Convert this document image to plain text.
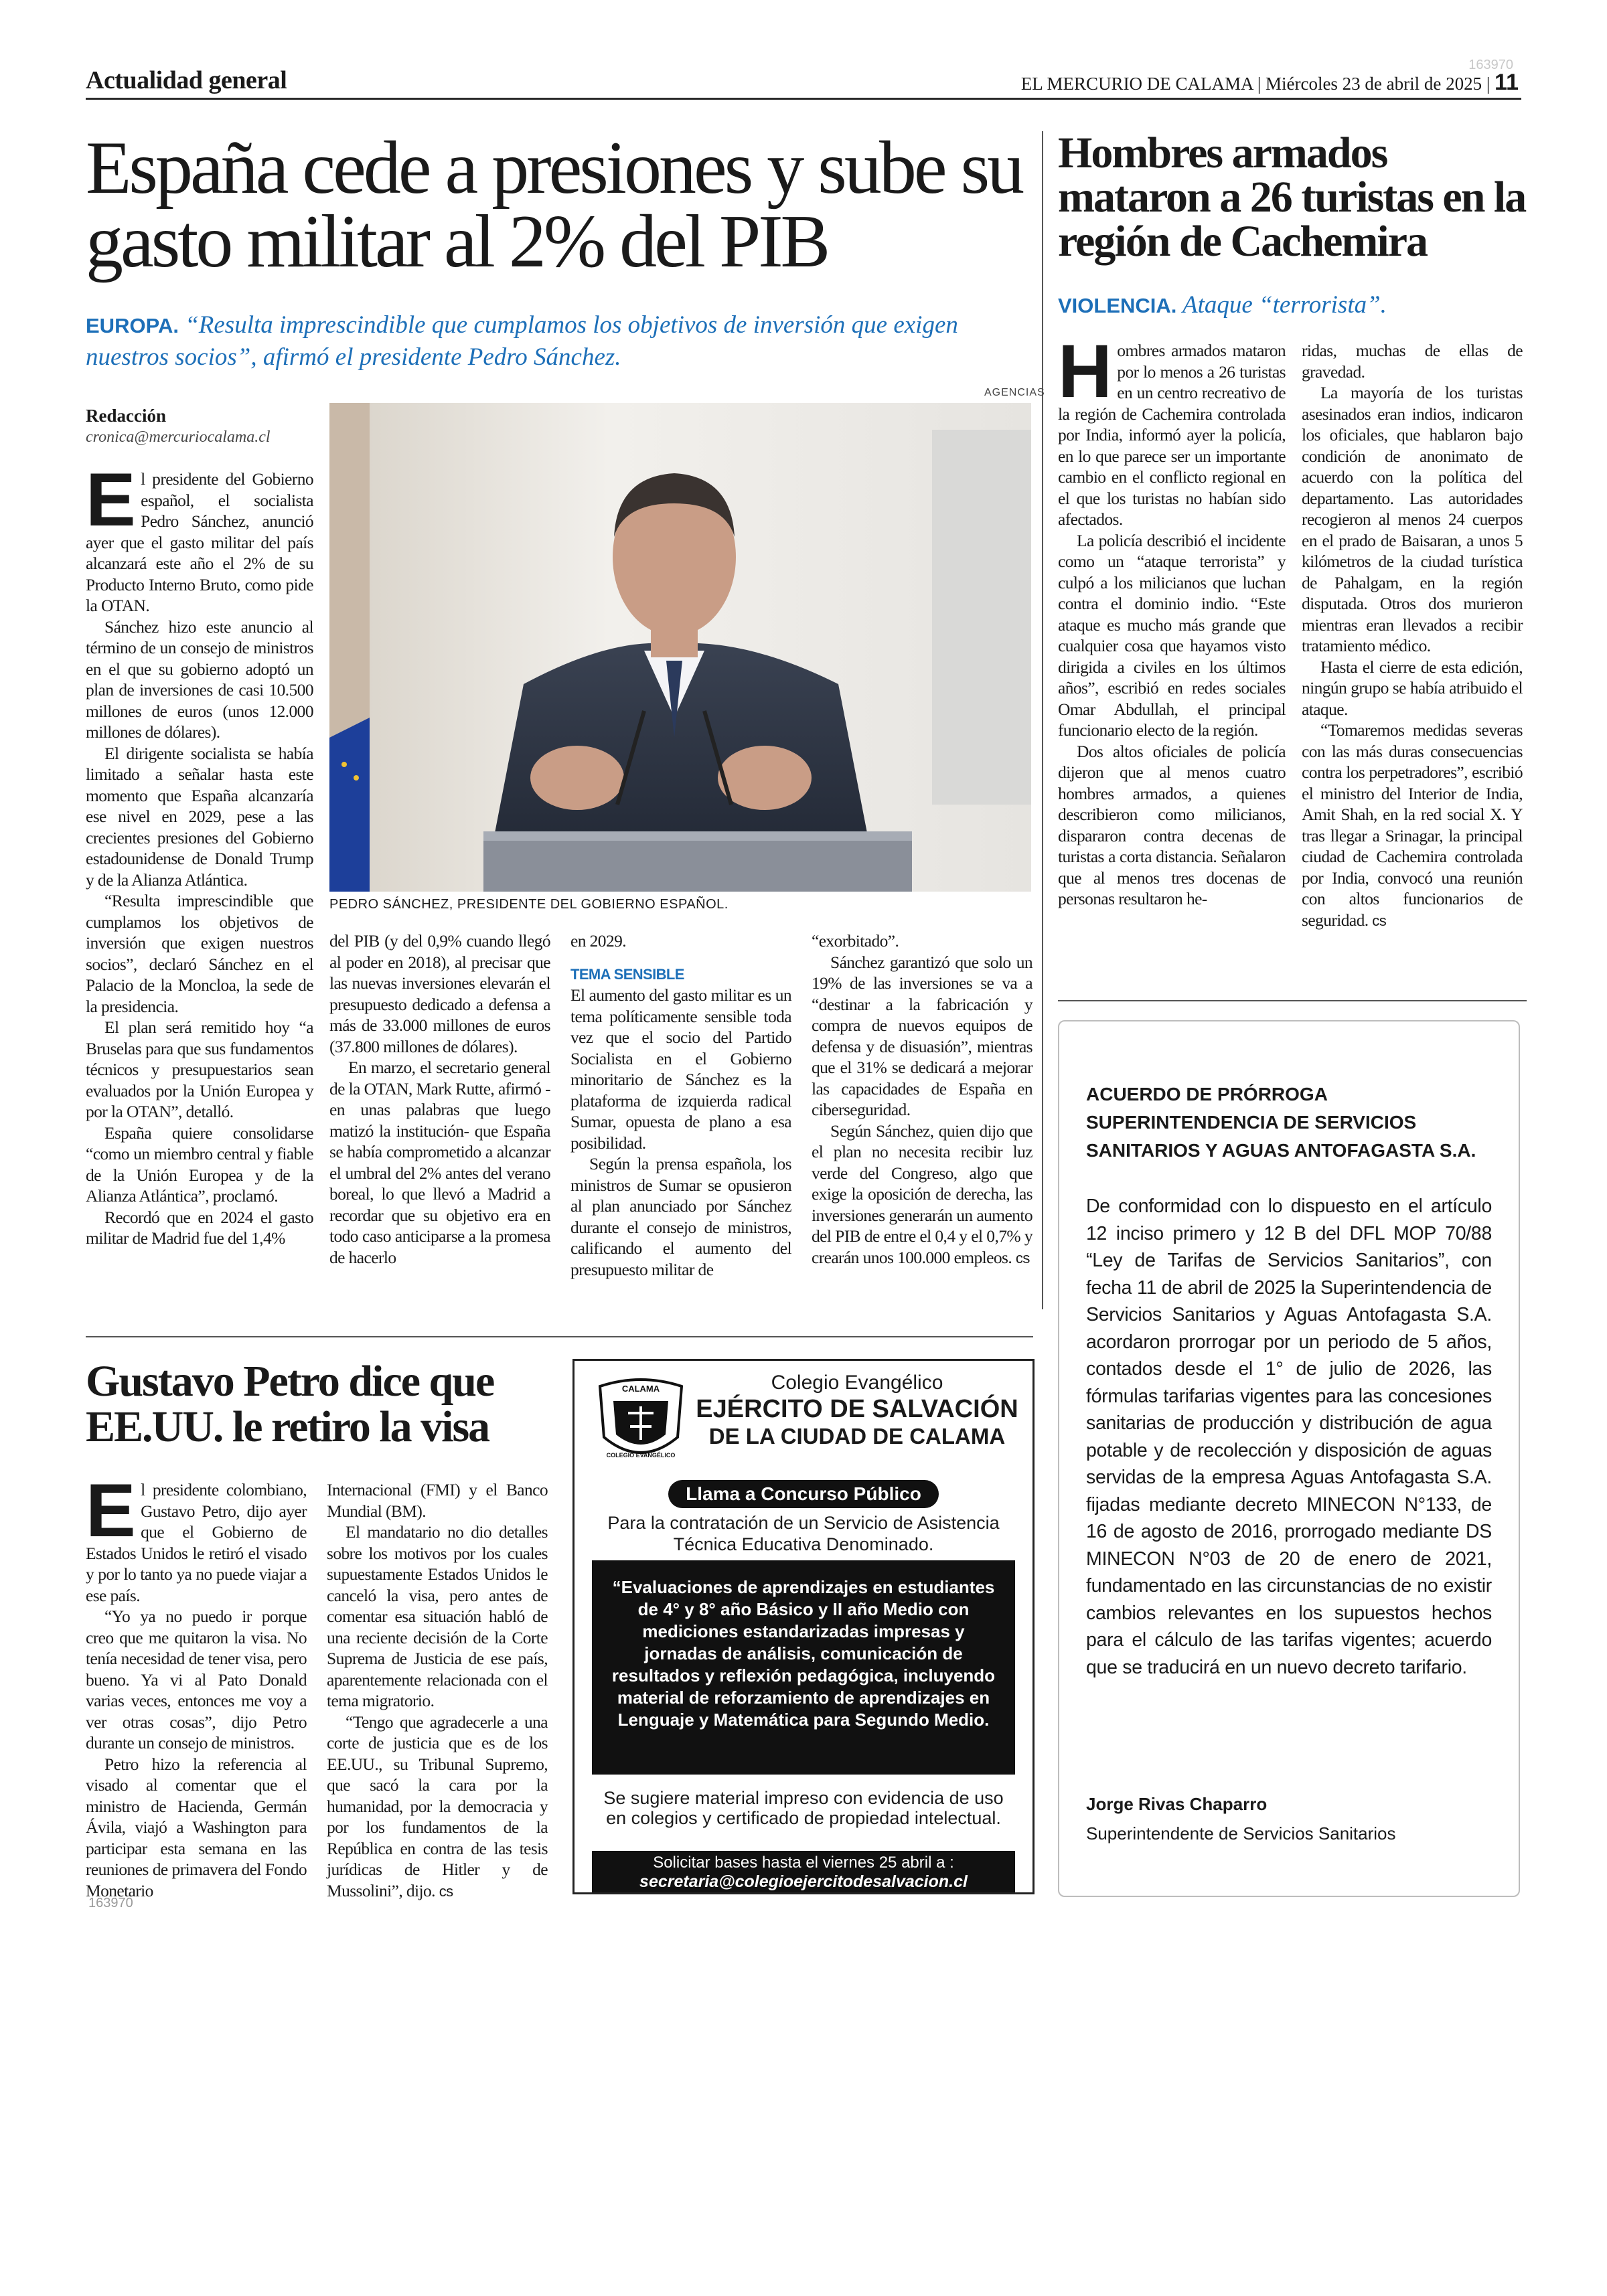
Actualidad general
163970
EL MERCURIO DE CALAMA | Miércoles 23 de abril de 2025 | 11
España cede a presiones y sube su gasto militar al 2% del PIB
EUROPA. “Resulta imprescindible que cumplamos los objetivos de inversión que exigen nuestros socios”, afirmó el presidente Pedro Sánchez.
Hombres armados mataron a 26 turistas en la región de Cachemira
VIOLENCIA. Ataque “terrorista”.
Redacción
cronica@mercuriocalama.cl
AGENCIAS
PEDRO SÁNCHEZ, PRESIDENTE DEL GOBIERNO ESPAÑOL.

El presidente del Gobierno español, el socialista Pedro Sánchez, anunció ayer que el gasto militar del país alcanzará este año el 2% de su Producto Interno Bruto, como pide la OTAN.

Sánchez hizo este anuncio al término de un consejo de ministros en el que su gobierno adoptó un plan de inversiones de casi 10.500 millones de euros (unos 12.000 millones de dólares).

El dirigente socialista se había limitado a señalar hasta este momento que España alcanzaría ese nivel en 2029, pese a las crecientes presiones del Gobierno estadounidense de Donald Trump y de la Alianza Atlántica.

“Resulta imprescindible que cumplamos los objetivos de inversión que exigen nuestros socios”, declaró Sánchez en el Palacio de la Moncloa, la sede de la presidencia.

El plan será remitido hoy “a Bruselas para que sus fundamentos técnicos y presupuestarios sean evaluados por la Unión Europea y por la OTAN”, detalló.

España quiere consolidarse “como un miembro central y fiable de la Unión Europea y de la Alianza Atlántica”, proclamó.

Recordó que en 2024 el gasto militar de Madrid fue del 1,4%

del PIB (y del 0,9% cuando llegó al poder en 2018), al precisar que las nuevas inversiones elevarán el presupuesto dedicado a defensa a más de 33.000 millones de euros (37.800 millones de dólares).

En marzo, el secretario general de la OTAN, Mark Rutte, afirmó -en unas palabras que luego matizó la institución- que España se había comprometido a alcanzar el umbral del 2% antes del verano boreal, lo que llevó a Madrid a recordar que su objetivo era en todo caso anticiparse a la promesa de hacerlo

en 2029.

TEMA SENSIBLE

El aumento del gasto militar es un tema políticamente sensible toda vez que el socio del Partido Socialista en el Gobierno minoritario de Sánchez es la plataforma de izquierda radical Sumar, opuesta de plano a esa posibilidad.

Según la prensa española, los ministros de Sumar se opusieron al plan anunciado por Sánchez durante el consejo de ministros, calificando el aumento del presupuesto militar de

“exorbitado”.

Sánchez garantizó que solo un 19% de las inversiones se va a “destinar a la fabricación y compra de nuevos equipos de defensa y de disuasión”, mientras que el 31% se dedicará a mejorar las capacidades de España en ciberseguridad.

Según Sánchez, quien dijo que el plan no necesita recibir luz verde del Congreso, algo que exige la oposición de derecha, las inversiones generarán un aumento del PIB de entre el 0,4 y el 0,7% y crearán unos 100.000 empleos. cs

Hombres armados mataron por lo menos a 26 turistas en un centro recreativo de la región de Cachemira controlada por India, informó ayer la policía, en lo que parece ser un importante cambio en el conflicto regional en el que los turistas no habían sido afectados.

La policía describió el incidente como un “ataque terrorista” y culpó a los milicianos que luchan contra el dominio indio. “Este ataque es mucho más grande que cualquier cosa que hayamos visto dirigida a civiles en los últimos años”, escribió en redes sociales Omar Abdullah, el principal funcionario electo de la región.

Dos altos oficiales de policía dijeron que al menos cuatro hombres armados, a quienes describieron como milicianos, dispararon contra decenas de turistas a corta distancia. Señalaron que al menos tres docenas de personas resultaron he-

ridas, muchas de ellas de gravedad.

La mayoría de los turistas asesinados eran indios, indicaron los oficiales, que hablaron bajo condición de anonimato de acuerdo con la política del departamento. Las autoridades recogieron al menos 24 cuerpos en el prado de Baisaran, a unos 5 kilómetros de la ciudad turística de Pahalgam, en la región disputada. Otros dos murieron mientras eran llevados a recibir tratamiento médico.

Hasta el cierre de esta edición, ningún grupo se había atribuido el ataque.

“Tomaremos medidas severas con las más duras consecuencias contra los perpetradores”, escribió el ministro del Interior de India, Amit Shah, en la red social X. Y tras llegar a Srinagar, la principal ciudad de Cachemira controlada por India, convocó una reunión con altos funcionarios de seguridad. cs

Gustavo Petro dice que EE.UU. le retiro la visa

El presidente colombiano, Gustavo Petro, dijo ayer que el Gobierno de Estados Unidos le retiró el visado y por lo tanto ya no puede viajar a ese país.

“Yo ya no puedo ir porque creo que me quitaron la visa. No tenía necesidad de tener visa, pero bueno. Ya vi al Pato Donald varias veces, entonces me voy a ver otras cosas”, dijo Petro durante un consejo de ministros.

Petro hizo la referencia al visado al comentar que el ministro de Hacienda, Germán Ávila, viajó a Washington para participar esta semana en las reuniones de primavera del Fondo Monetario

Internacional (FMI) y el Banco Mundial (BM).

El mandatario no dio detalles sobre los motivos por los cuales supuestamente Estados Unidos le canceló la visa, pero antes de comentar esa situación habló de una reciente decisión de la Corte Suprema de Justicia de ese país, aparentemente relacionada con el tema migratorio.

“Tengo que agradecerle a una corte de justicia que es de los EE.UU., su Tribunal Supremo, que sacó la cara por la humanidad, por la democracia y por los fundamentos de la República en contra de las tesis jurídicas de Hitler y de Mussolini”, dijo. cs

163970
CALAMA
COLEGIO EVANGÉLICO
Colegio Evangélico
EJÉRCITO DE SALVACIÓN
DE LA CIUDAD DE CALAMA
Llama a Concurso Público
Para la contratación de un Servicio de Asistencia Técnica Educativa Denominado.
“Evaluaciones de aprendizajes en estudiantes de 4° y 8° año Básico y II año Medio con mediciones estandarizadas impresas y jornadas de análisis, comunicación de resultados y reflexión pedagógica, incluyendo material de reforzamiento de aprendizajes en Lenguaje y Matemática para Segundo Medio.
Se sugiere material impreso con evidencia de uso en colegios y certificado de propiedad intelectual.
Solicitar bases hasta el viernes 25 abril a :
secretaria@colegioejercitodesalvacion.cl
ACUERDO DE PRÓRROGA SUPERINTENDENCIA DE SERVICIOS SANITARIOS Y AGUAS ANTOFAGASTA S.A.
De conformidad con lo dispuesto en el artículo 12 inciso primero y 12 B del DFL MOP 70/88 “Ley de Tarifas de Servicios Sanitarios”, con fecha 11 de abril de 2025 la Superintendencia de Servicios Sanitarios y Aguas Antofagasta S.A. acordaron prorrogar por un periodo de 5 años, contados desde el 1° de julio de 2026, las fórmulas tarifarias vigentes para las concesiones sanitarias de producción y distribución de agua potable y de recolección y disposición de aguas servidas de la empresa Aguas Antofagasta S.A. fijadas mediante decreto MINECON N°133, de 16 de agosto de 2016, prorrogado mediante DS MINECON N°03 de 20 de enero de 2021, fundamentado en las circunstancias de no existir cambios relevantes en los supuestos hechos para el cálculo de las tarifas vigentes; acuerdo que se traducirá en un nuevo decreto tarifario.
Jorge Rivas Chaparro
Superintendente de Servicios Sanitarios
